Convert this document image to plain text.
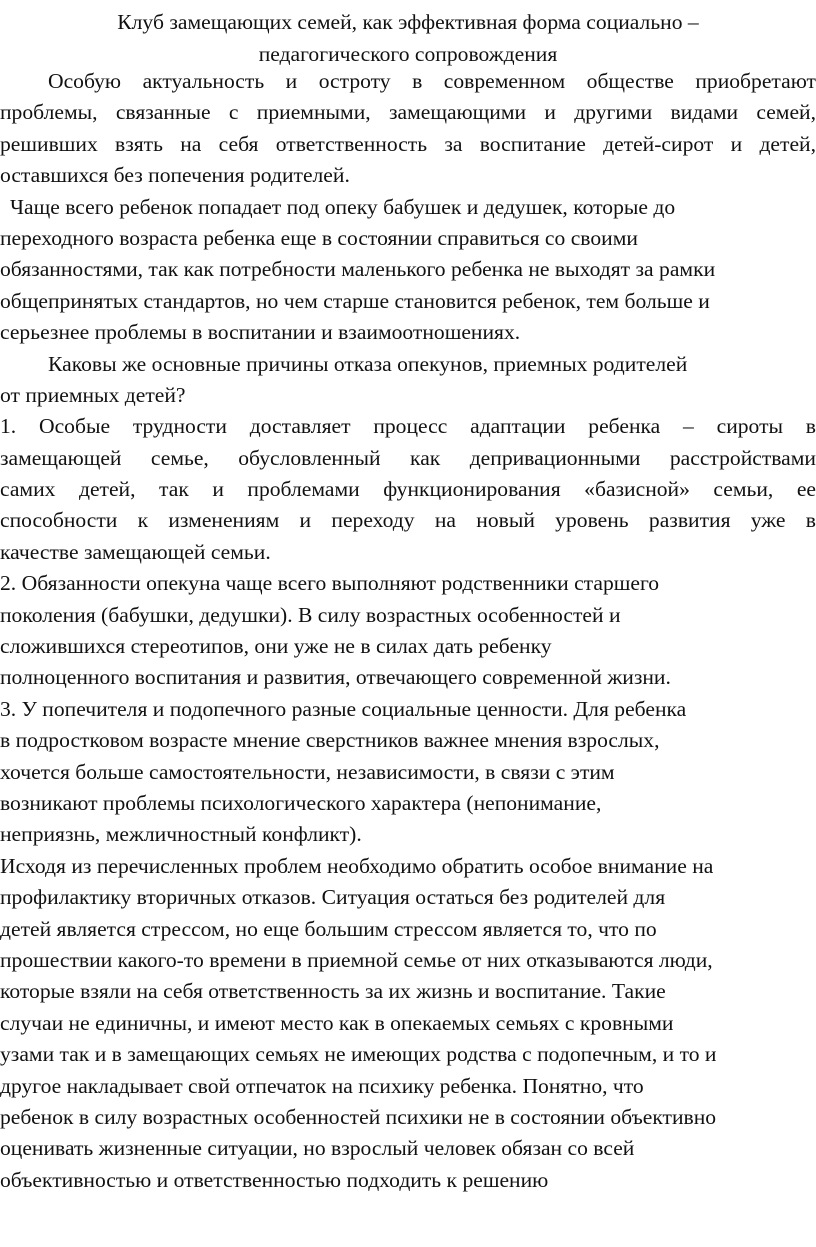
Клуб замещающих семей, как эффективная форма социально –
педагогического сопровождения
Особую актуальность и остроту в современном обществе приобретают
проблемы, связанные с приемными, замещающими и другими видами семей,
решивших взять на себя ответственность за воспитание детей-сирот и детей,
оставшихся без попечения родителей.
Чаще всего ребенок попадает под опеку бабушек и дедушек, которые до
переходного возраста ребенка еще в состоянии справиться со своими
обязанностями, так как потребности маленького ребенка не выходят за рамки
общепринятых стандартов, но чем старше становится ребенок, тем больше и
серьезнее проблемы в воспитании и взаимоотношениях.
Каковы же основные причины отказа опекунов, приемных родителей
от приемных детей?
1. Особые трудности доставляет процесс адаптации ребенка – сироты в
замещающей семье, обусловленный как депривационными расстройствами
самих детей, так и проблемами функционирования «базисной» семьи, ее
способности к изменениям и переходу на новый уровень развития уже в
качестве замещающей семьи.
2. Обязанности опекуна чаще всего выполняют родственники старшего
поколения (бабушки, дедушки). В силу возрастных особенностей и
сложившихся стереотипов, они уже не в силах дать ребенку
полноценного воспитания и развития, отвечающего современной жизни.
3. У попечителя и подопечного разные социальные ценности. Для ребенка
в подростковом возрасте мнение сверстников важнее мнения взрослых,
хочется больше самостоятельности, независимости, в связи с этим
возникают проблемы психологического характера (непонимание,
неприязнь, межличностный конфликт).
Исходя из перечисленных проблем необходимо обратить особое внимание на
профилактику вторичных отказов. Ситуация остаться без родителей для
детей является стрессом, но еще большим стрессом является то, что по
прошествии какого-то времени в приемной семье от них отказываются люди,
которые взяли на себя ответственность за их жизнь и воспитание. Такие
случаи не единичны, и имеют место как в опекаемых семьях с кровными
узами так и в замещающих семьях не имеющих родства с подопечным, и то и
другое накладывает свой отпечаток на психику ребенка. Понятно, что
ребенок в силу возрастных особенностей психики не в состоянии объективно
оценивать жизненные ситуации, но взрослый человек обязан со всей
объективностью и ответственностью подходить к решению
